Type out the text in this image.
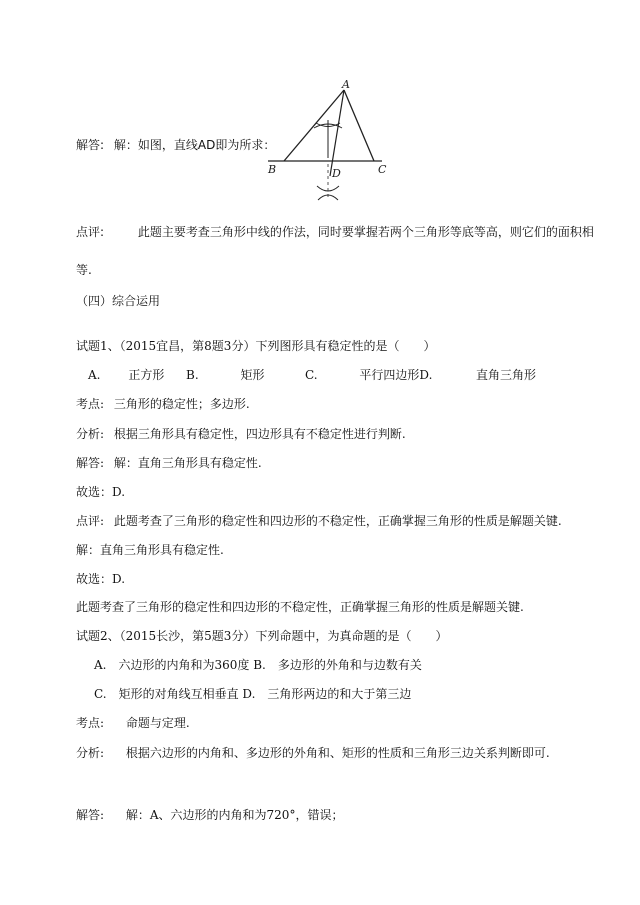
解答: 解：如图，直线AD即为所求：
A
B	C
D
点评:	此题主要考查三角形中线的作法，同时要掌握若两个三角形等底等高，则它们的面积相
等.
（四）综合运用
试题1、（2015宜昌，第8题3分）下列图形具有稳定性的是（　　）
A. 正方形 B.	矩形	C.	平行四边形D.	直角三角形
考点: 三角形的稳定性；多边形.
分析: 根据三角形具有稳定性，四边形具有不稳定性进行判断.
解答: 解：直角三角形具有稳定性.
故选：D.
点评: 此题考查了三角形的稳定性和四边形的不稳定性，正确掌握三角形的性质是解题关键.
解：直角三角形具有稳定性.
故选：D.
此题考查了三角形的稳定性和四边形的不稳定性，正确掌握三角形的性质是解题关键.
试题2、（2015长沙，第5题3分）下列命题中，为真命题的是（　　）
A.　六边形的内角和为360度 B.　多边形的外角和与边数有关
C.　矩形的对角线互相垂直 D.　三角形两边的和大于第三边
考点: 命题与定理.
分析: 根据六边形的内角和、多边形的外角和、矩形的性质和三角形三边关系判断即可.
解答: 解：A、六边形的内角和为720°，错误；
